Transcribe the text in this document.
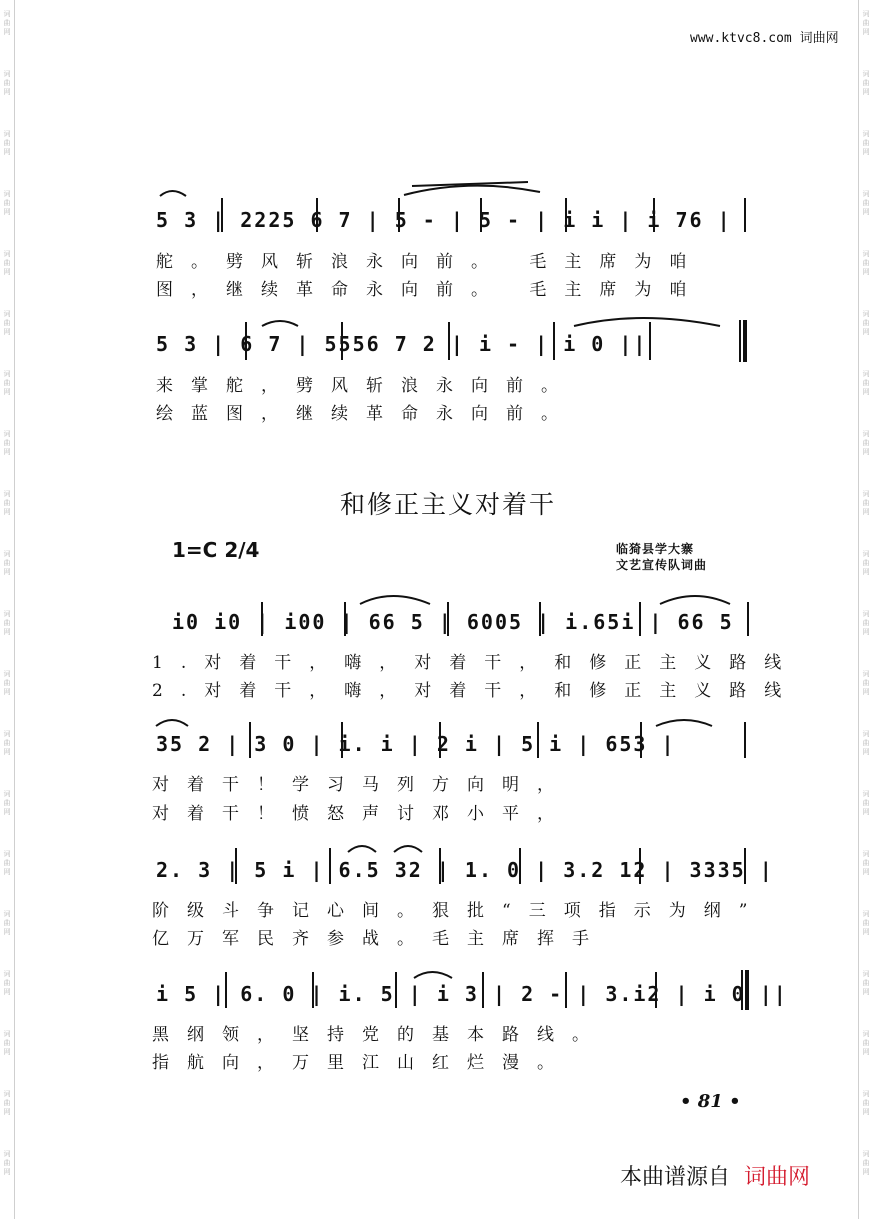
词
曲
网
词
曲
网
词
曲
网
词
曲
网
词
曲
网
词
曲
网
词
曲
网
词
曲
网
词
曲
网
词
曲
网
词
曲
网
词
曲
网
词
曲
网
词
曲
网
词
曲
网
词
曲
网
词
曲
网
词
曲
网
词
曲
网
词
曲
网
词
曲
网
词
曲
网
词
曲
网
词
曲
网
词
曲
网
词
曲
网
词
曲
网
词
曲
网
词
曲
网
词
曲
网
词
曲
网
词
曲
网
词
曲
网
词
曲
网
词
曲
网
词
曲
网
词
曲
网
词
曲
网
词
曲
网
词
曲
网
www.ktvc8.com 词曲网
5 3 | 2225 6 7 | 5 - | 5 - | i i | i 76 |
舵。劈风斩浪永向前。 毛主席为咱
图，继续革命永向前。 毛主席为咱
5 3 | 6 7 | 5556 7 2 | i - | i 0 ||
来掌舵，劈风斩浪永向前。
绘蓝图，继续革命永向前。
和修正主义对着干
1=C 2/4	临猗县学大寨
文艺宣传队词曲
i0 i0 | i00 | 66 5 | 6005 | i.65i | 66 5
1.对着干，嗨，对着干，和修正主义路线
2.对着干，嗨，对着干，和修正主义路线
35 2 | 3 0 | i. i | 2 i | 5 i | 653 |
对着干！学习马列方向明，
对着干！愤怒声讨邓小平，
2. 3 | 5 i | 6.5 32 | 1. 0 | 3.2 12 | 3335 |
阶级斗争记心间。狠批“三项指示为纲”
亿万军民齐参战。毛主席挥手
i 5 | 6. 0 | i. 5 | i 3 | 2 - | 3.i2 | i 0 ||
黑纲领，坚持党的基本路线。
指航向，万里江山红烂漫。
• 81 •
本曲谱源自 词曲网
